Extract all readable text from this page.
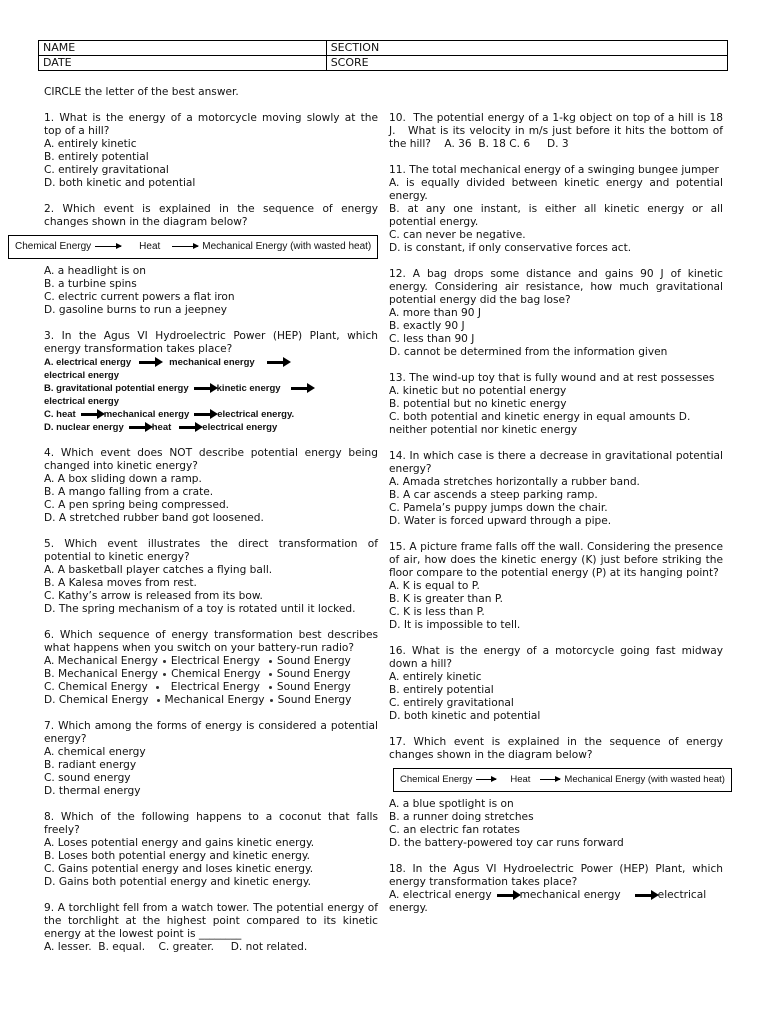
NAME	SECTION
DATE	SCORE
CIRCLE the letter of the best answer.
1. What is the energy of a motorcycle moving slowly at the top of a hill?
A. entirely kinetic
B. entirely potential
C. entirely gravitational
D. both kinetic and potential
2. Which event is explained in the sequence of energy changes shown in the diagram below?
Chemical Energy	Heat	Mechanical Energy (with wasted heat)
A. a headlight is on
B. a turbine spins
C. electric current powers a flat iron
D. gasoline burns to run a jeepney
3. In the Agus VI Hydroelectric Power (HEP) Plant, which energy transformation takes place?
A. electrical energy	mechanical energy
electrical energy
B. gravitational potential energy	kinetic energy
electrical energy
C. heat	mechanical energy	electrical energy.
D. nuclear energy	heat	electrical energy
4. Which event does NOT describe potential energy being changed into kinetic energy?
A. A box sliding down a ramp.
B. A mango falling from a crate.
C. A pen spring being compressed.
D. A stretched rubber band got loosened.
5. Which event illustrates the direct transformation of potential to kinetic energy?
A. A basketball player catches a flying ball.
B. A Kalesa moves from rest.
C. Kathy’s arrow is released from its bow.
D. The spring mechanism of a toy is rotated until it locked.
6. Which sequence of energy transformation best describes what happens when you switch on your battery-run radio?
A. Mechanical Energy Electrical Energy Sound Energy
B. Mechanical Energy Chemical Energy Sound Energy
C. Chemical Energy Electrical Energy Sound Energy
D. Chemical Energy Mechanical Energy Sound Energy
7. Which among the forms of energy is considered a potential energy?
A. chemical energy
B. radiant energy
C. sound energy
D. thermal energy
8. Which of the following happens to a coconut that falls freely?
A. Loses potential energy and gains kinetic energy.
B. Loses both potential energy and kinetic energy.
C. Gains potential energy and loses kinetic energy.
D. Gains both potential energy and kinetic energy.
9. A torchlight fell from a watch tower. The potential energy of the torchlight at the highest point compared to its kinetic energy at the lowest point is ________
A. lesser.  B. equal.    C. greater.     D. not related.
10.  The potential energy of a 1-kg object on top of a hill is 18  J.   What is its velocity in m/s just before it hits the bottom of the hill?    A. 36  B. 18 C. 6     D. 3
11. The total mechanical energy of a swinging bungee jumper
A. is equally divided between kinetic energy and potential energy.
B. at any one instant, is either all kinetic energy or all potential energy.
C. can never be negative.
D. is constant, if only conservative forces act.
12. A bag drops some distance and gains 90 J of kinetic energy. Considering air resistance, how much gravitational potential energy did the bag lose?
A. more than 90 J
B. exactly 90 J
C. less than 90 J
D. cannot be determined from the information given
13. The wind-up toy that is fully wound and at rest possesses
A. kinetic but no potential energy
B. potential but no kinetic energy
C. both potential and kinetic energy in equal amounts D. neither potential nor kinetic energy
14. In which case is there a decrease in gravitational potential energy?
A. Amada stretches horizontally a rubber band.
B. A car ascends a steep parking ramp.
C. Pamela’s puppy jumps down the chair.
D. Water is forced upward through a pipe.
15. A picture frame falls off the wall. Considering the presence of air, how does the kinetic energy (K) just before striking the floor compare to the potential energy (P) at its hanging point?
A. K is equal to P.
B. K is greater than P.
C. K is less than P.
D. It is impossible to tell.
16. What is the energy of a motorcycle going fast midway down a hill?
A. entirely kinetic
B. entirely potential
C. entirely gravitational
D. both kinetic and potential
17. Which event is explained in the sequence of energy changes shown in the diagram below?
Chemical Energy	Heat	Mechanical Energy (with wasted heat)
A. a blue spotlight is on
B. a runner doing stretches
C. an electric fan rotates
D. the battery-powered toy car runs forward
18. In the Agus VI Hydroelectric Power (HEP) Plant, which energy transformation takes place?
A. electrical energy	mechanical energy	electrical energy.
